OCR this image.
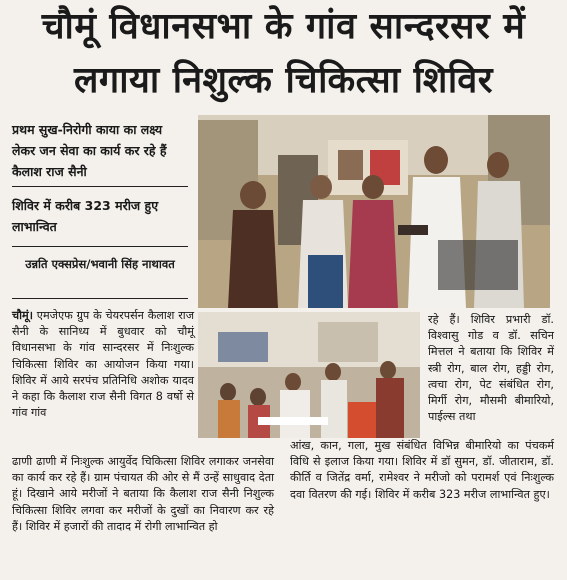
चौमूं विधानसभा के गांव सान्दरसर में
लगाया निशुल्क चिकित्सा शिविर
प्रथम सुख-निरोगी काया का लक्ष्य लेकर जन सेवा का कार्य कर रहे हैं कैलाश राज सैनी
शिविर में करीब 323 मरीज हुए लाभान्वित
उन्नति एक्सप्रेस/भवानी सिंह नाथावत
चौमूं। एमजेएफ ग्रुप के चेयरपर्सन कैलाश राज सैनी के सानिध्य में बुधवार को चौमूं विधानसभा के गांव सान्दरसर में निःशुल्क चिकित्सा शिविर का आयोजन किया गया। शिविर में आये सरपंच प्रतिनिधि अशोक यादव ने कहा कि कैलाश राज सैनी विगत 8 वर्षो से गांव गांव
ढाणी ढाणी में निःशुल्क आयुर्वेद चिकित्सा शिविर लगाकर जनसेवा का कार्य कर रहे हैं। ग्राम पंचायत की ओर से मैं उन्हें साधुवाद देता हूं। दिखाने आये मरीजों ने बताया कि कैलाश राज सैनी निशुल्क चिकित्सा शिविर लगवा कर मरीजों के दुखों का निवारण कर रहे हैं। शिविर में हजारों की तादाद में रोगी लाभान्वित हो
रहे हैं। शिविर प्रभारी डॉ. विश्वासु गोड व डॉ. सचिन मित्तल ने बताया कि शिविर में स्त्री रोग, बाल रोग, हड्डी रोग, त्वचा रोग, पेट संबंधित रोग, मिर्गी रोग, मौसमी बीमारियो, पाईल्स तथा
आंख, कान, गला, मुख संबंधित विभिन्न बीमारियो का पंचकर्म विधि से इलाज किया गया। शिविर में डॉ सुमन, डॉ. जीताराम, डॉ. कीर्ति व जितेंद्र वर्मा, रामेश्वर ने मरीजो को परामर्श एवं निःशुल्क दवा वितरण की गई। शिविर में करीब 323 मरीज लाभान्वित हुए।
